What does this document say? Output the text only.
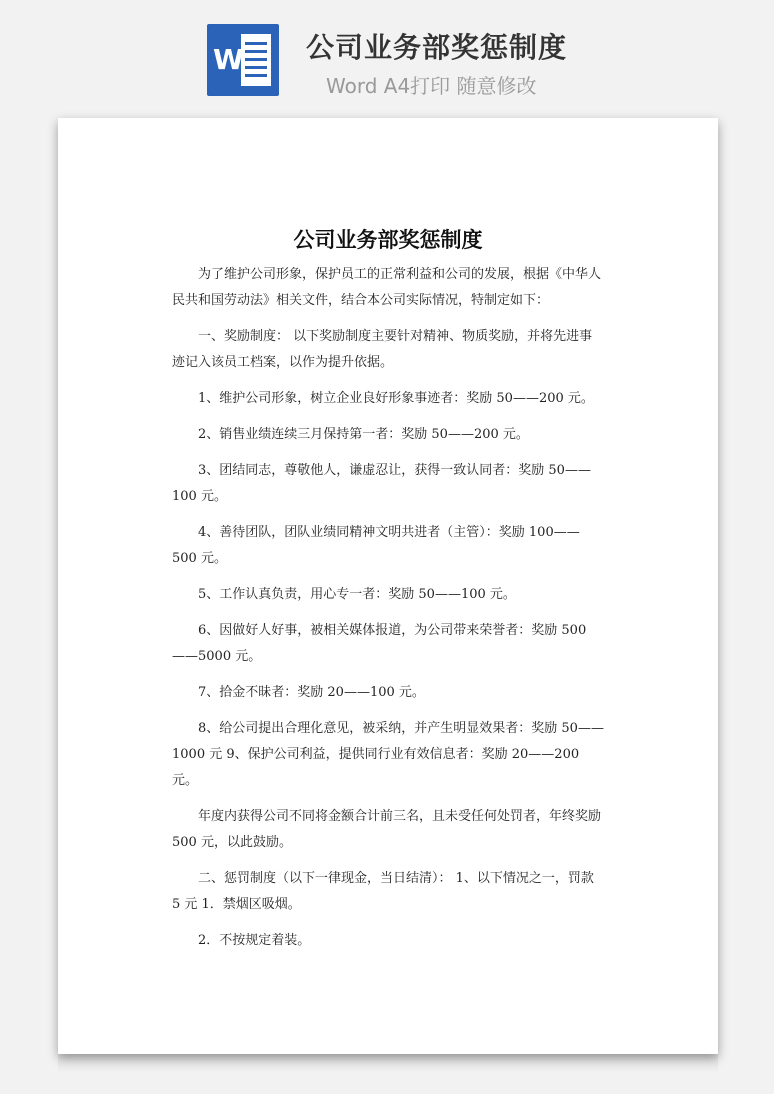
W 公司业务部奖惩制度
Word A4打印 随意修改
公司业务部奖惩制度

为了维护公司形象，保护员工的正常利益和公司的发展，根据《中华人民共和国劳动法》相关文件，结合本公司实际情况，特制定如下：

一、奖励制度： 以下奖励制度主要针对精神、物质奖励，并将先进事迹记入该员工档案，以作为提升依据。

1、维护公司形象，树立企业良好形象事迹者：奖励 50——200 元。

2、销售业绩连续三月保持第一者：奖励 50——200 元。

3、团结同志，尊敬他人，谦虚忍让，获得一致认同者：奖励 50——100 元。

4、善待团队，团队业绩同精神文明共进者（主管）：奖励 100——500 元。

5、工作认真负责，用心专一者：奖励 50——100 元。

6、因做好人好事，被相关媒体报道，为公司带来荣誉者：奖励 500——5000 元。

7、拾金不昧者：奖励 20——100 元。

8、给公司提出合理化意见，被采纳，并产生明显效果者：奖励 50——1000 元 9、保护公司利益，提供同行业有效信息者：奖励 20——200 元。

年度内获得公司不同将金额合计前三名，且未受任何处罚者，年终奖励 500 元，以此鼓励。

二、惩罚制度（以下一律现金，当日结清）： 1、以下情况之一，罚款 5 元 1．禁烟区吸烟。

2．不按规定着装。
